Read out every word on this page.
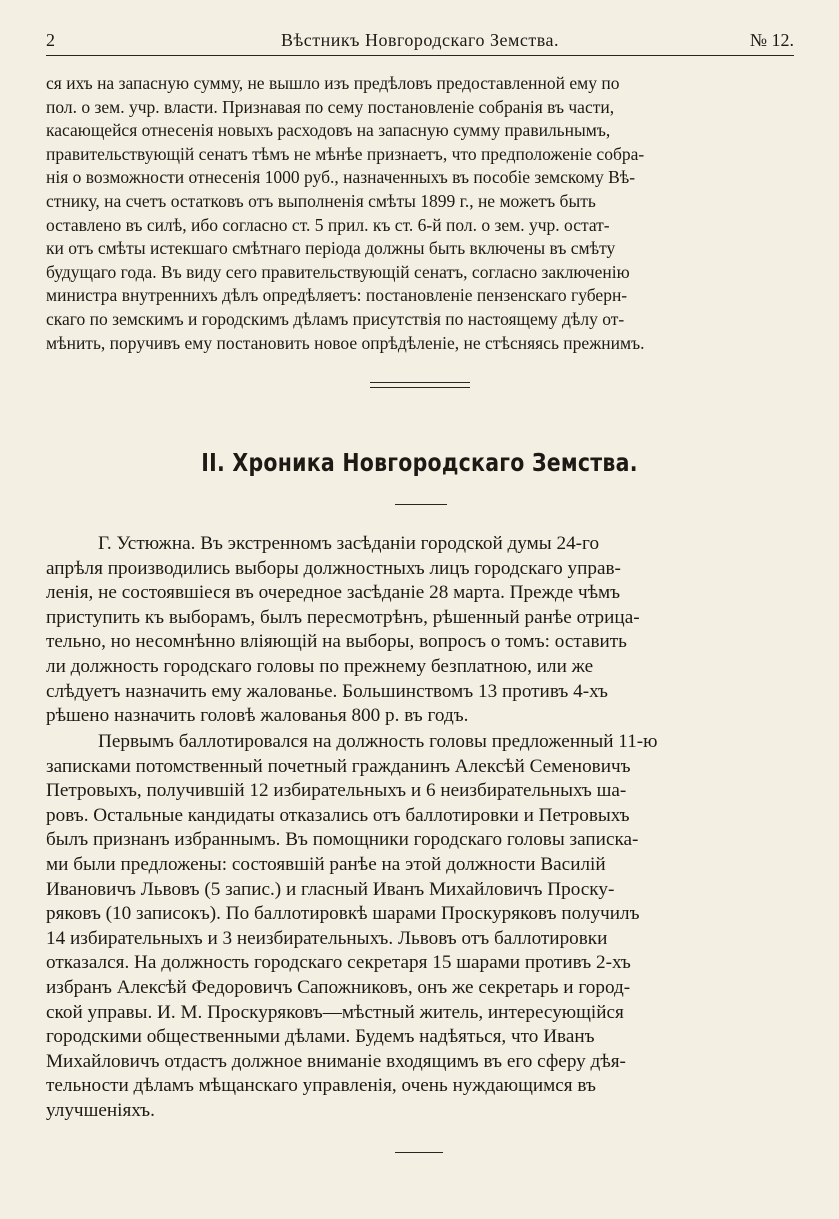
2	Вѣстникъ Новгородскаго Земства.	№ 12.

ся ихъ на запасную сумму, не вышло изъ предѣловъ предоставленной ему по
пол. о зем. учр. власти. Признавая по сему постановленіе собранія въ части,
касающейся отнесенія новыхъ расходовъ на запасную сумму правильнымъ,
правительствующій сенатъ тѣмъ не мѣнѣе признаетъ, что предположеніе собра-
нія о возможности отнесенія 1000 руб., назначенныхъ въ пособіе земскому Вѣ-
стнику, на счетъ остатковъ отъ выполненія смѣты 1899 г., не можетъ быть
оставлено въ силѣ, ибо согласно ст. 5 прил. къ ст. 6-й пол. о зем. учр. остат-
ки отъ смѣты истекшаго смѣтнаго періода должны быть включены въ смѣту
будущаго года. Въ виду сего правительствующій сенатъ, согласно заключенію
министра внутреннихъ дѣлъ опредѣляетъ: постановленіе пензенскаго губерн-
скаго по земскимъ и городскимъ дѣламъ присутствія по настоящему дѣлу от-
мѣнить, поручивъ ему постановить новое опрѣдѣленіе, не стѣсняясь прежнимъ.

II. Хроника Новгородскаго Земства.

Г. Устюжна. Въ экстренномъ засѣданіи городской думы 24-го
апрѣля производились выборы должностныхъ лицъ городскаго управ-
ленія, не состоявшіеся въ очередное засѣданіе 28 марта. Прежде чѣмъ
приступить къ выборамъ, былъ пересмотрѣнъ, рѣшенный ранѣе отрица-
тельно, но несомнѣнно вліяющій на выборы, вопросъ о томъ: оставить
ли должность городскаго головы по прежнему безплатною, или же
слѣдуетъ назначить ему жалованье. Большинствомъ 13 противъ 4-хъ
рѣшено назначить головѣ жалованья 800 р. въ годъ.

Первымъ баллотировался на должность головы предложенный 11-ю
записками потомственный почетный гражданинъ Алексѣй Семеновичъ
Петровыхъ, получившій 12 избирательныхъ и 6 неизбирательныхъ ша-
ровъ. Остальные кандидаты отказались отъ баллотировки и Петровыхъ
былъ признанъ избраннымъ. Въ помощники городскаго головы записка-
ми были предложены: состоявшій ранѣе на этой должности Василій
Ивановичъ Львовъ (5 запис.) и гласный Иванъ Михайловичъ Проску-
ряковъ (10 записокъ). По баллотировкѣ шарами Проскуряковъ получилъ
14 избирательныхъ и 3 неизбирательныхъ. Львовъ отъ баллотировки
отказался. На должность городскаго секретаря 15 шарами противъ 2-хъ
избранъ Алексѣй Федоровичъ Сапожниковъ, онъ же секретарь и город-
ской управы. И. М. Проскуряковъ—мѣстный житель, интересующійся
городскими общественными дѣлами. Будемъ надѣяться, что Иванъ
Михайловичъ отдастъ должное вниманіе входящимъ въ его сферу дѣя-
тельности дѣламъ мѣщанскаго управленія, очень нуждающимся въ
улучшеніяхъ.
